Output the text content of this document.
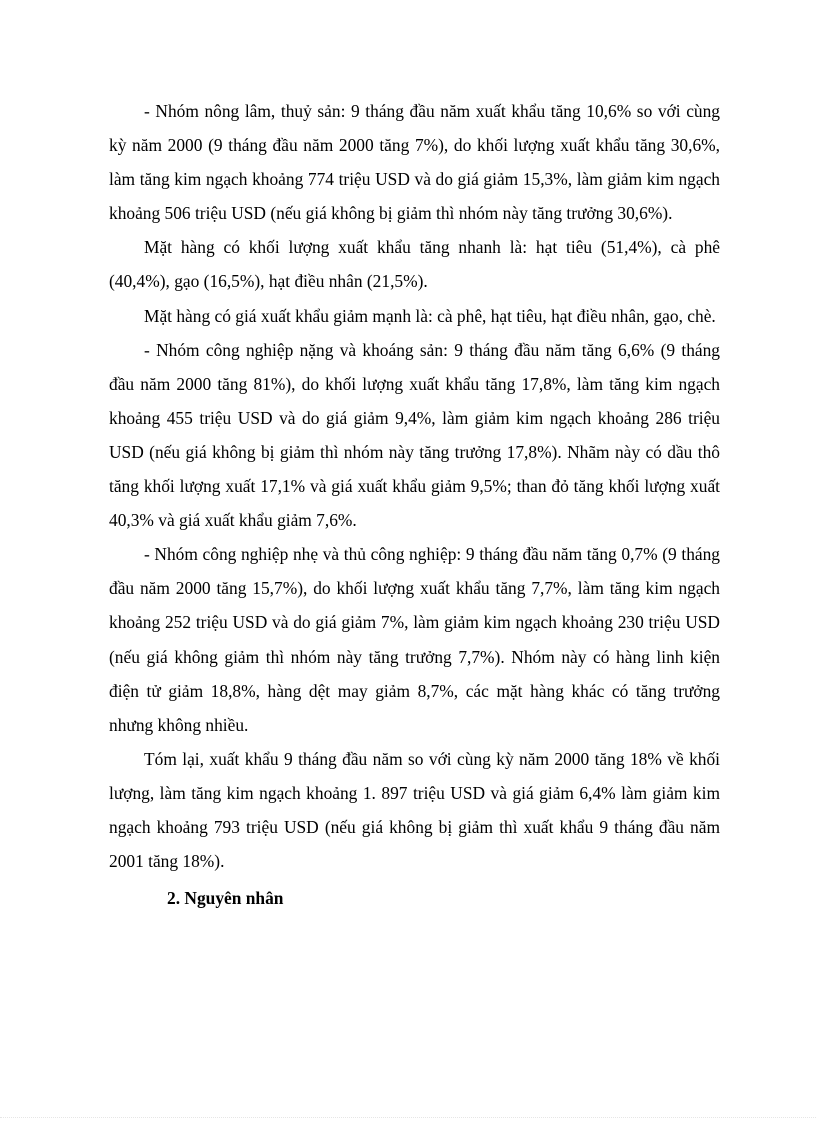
- Nhóm nông lâm, thuỷ sản: 9 tháng đầu năm xuất khẩu tăng 10,6% so với cùng kỳ năm 2000 (9 tháng đầu năm 2000 tăng 7%), do khối lượng xuất khẩu tăng 30,6%, làm tăng kim ngạch khoảng 774 triệu USD và do giá giảm 15,3%, làm giảm kim ngạch khoảng 506 triệu USD (nếu giá không bị giảm thì nhóm này tăng trưởng 30,6%).

Mặt hàng có khối lượng xuất khẩu tăng nhanh là: hạt tiêu (51,4%), cà phê (40,4%), gạo (16,5%), hạt điều nhân (21,5%).

Mặt hàng có giá xuất khẩu giảm mạnh là: cà phê, hạt tiêu, hạt điều nhân, gạo, chè.

- Nhóm công nghiệp nặng và khoáng sản: 9 tháng đầu năm tăng 6,6% (9 tháng đầu năm 2000 tăng 81%), do khối lượng xuất khẩu tăng 17,8%, làm tăng kim ngạch khoảng 455 triệu USD và do giá giảm 9,4%, làm giảm kim ngạch khoảng 286 triệu USD (nếu giá không bị giảm thì nhóm này tăng trưởng 17,8%). Nhãm này có dầu thô tăng khối lượng xuất 17,1% và giá xuất khẩu giảm 9,5%; than đỏ tăng khối lượng xuất 40,3% và giá xuất khẩu giảm 7,6%.

- Nhóm công nghiệp nhẹ và thủ công nghiệp: 9 tháng đầu năm tăng 0,7% (9 tháng đầu năm 2000 tăng 15,7%), do khối lượng xuất khẩu tăng 7,7%, làm tăng kim ngạch khoảng 252 triệu USD và do giá giảm 7%, làm giảm kim ngạch khoảng 230 triệu USD (nếu giá không giảm thì nhóm này tăng trưởng 7,7%). Nhóm này có hàng linh kiện điện tử giảm 18,8%, hàng dệt may giảm 8,7%, các mặt hàng khác có tăng trưởng nhưng không nhiều.

Tóm lại, xuất khẩu 9 tháng đầu năm so với cùng kỳ năm 2000 tăng 18% về khối lượng, làm tăng kim ngạch khoảng 1. 897 triệu USD và giá giảm 6,4% làm giảm kim ngạch khoảng 793 triệu USD (nếu giá không bị giảm thì xuất khẩu 9 tháng đầu năm 2001 tăng 18%).

2. Nguyên nhân
